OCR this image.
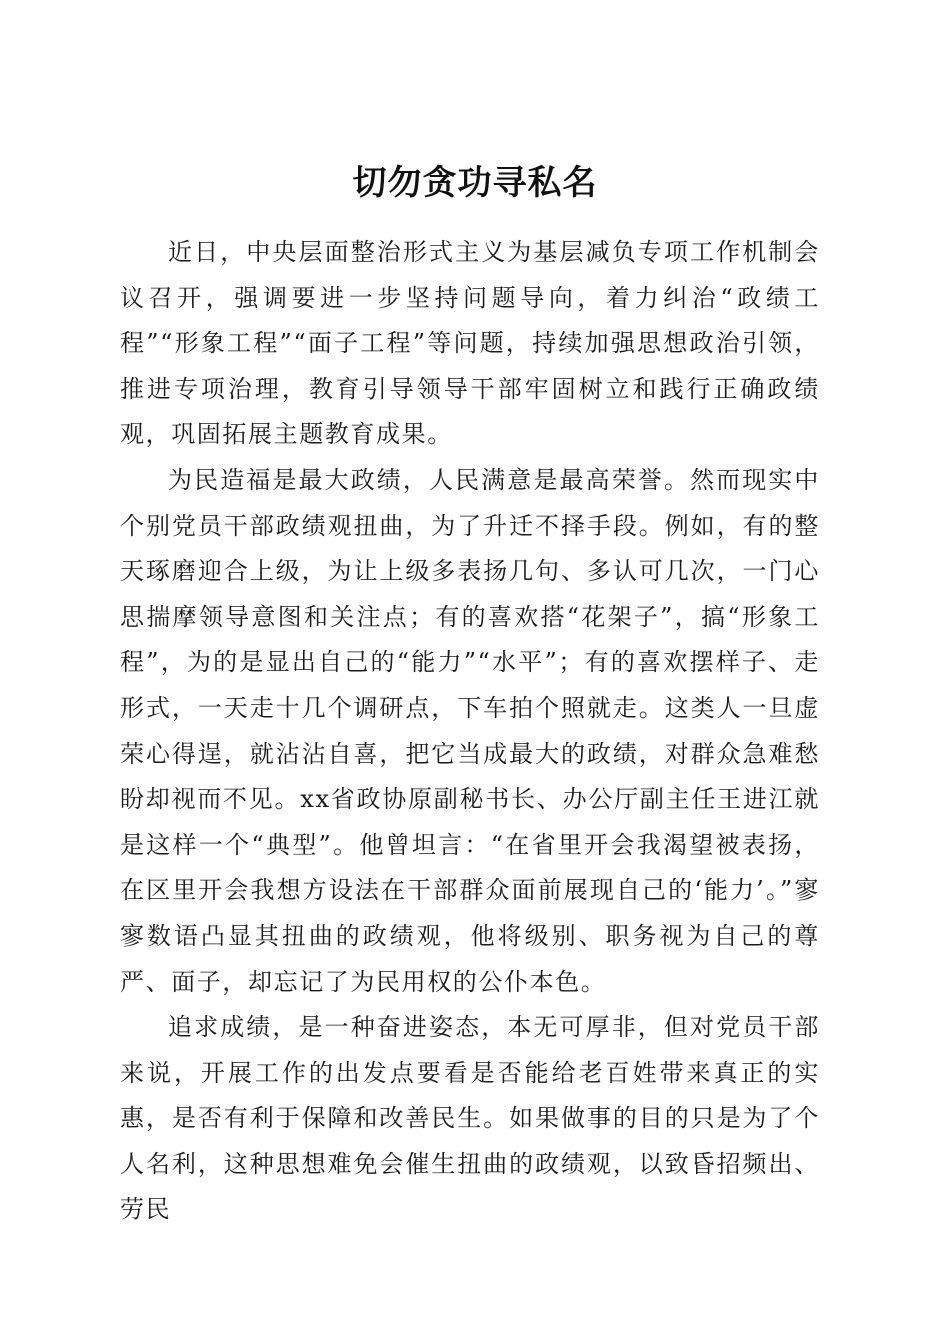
切勿贪功寻私名

近日，中央层面整治形式主义为基层减负专项工作机制会议召开，强调要进一步坚持问题导向，着力纠治“政绩工程”“形象工程”“面子工程”等问题，持续加强思想政治引领，推进专项治理，教育引导领导干部牢固树立和践行正确政绩观，巩固拓展主题教育成果。

为民造福是最大政绩，人民满意是最高荣誉。然而现实中个别党员干部政绩观扭曲，为了升迁不择手段。例如，有的整天琢磨迎合上级，为让上级多表扬几句、多认可几次，一门心思揣摩领导意图和关注点；有的喜欢搭“花架子”，搞“形象工程”，为的是显出自己的“能力”“水平”；有的喜欢摆样子、走形式，一天走十几个调研点，下车拍个照就走。这类人一旦虚荣心得逞，就沾沾自喜，把它当成最大的政绩，对群众急难愁盼却视而不见。xx省政协原副秘书长、办公厅副主任王进江就是这样一个“典型”。他曾坦言：“在省里开会我渴望被表扬，在区里开会我想方设法在干部群众面前展现自己的‘能力’。”寥寥数语凸显其扭曲的政绩观，他将级别、职务视为自己的尊严、面子，却忘记了为民用权的公仆本色。

追求成绩，是一种奋进姿态，本无可厚非，但对党员干部来说，开展工作的出发点要看是否能给老百姓带来真正的实惠，是否有利于保障和改善民生。如果做事的目的只是为了个人名利，这种思想难免会催生扭曲的政绩观，以致昏招频出、劳民
